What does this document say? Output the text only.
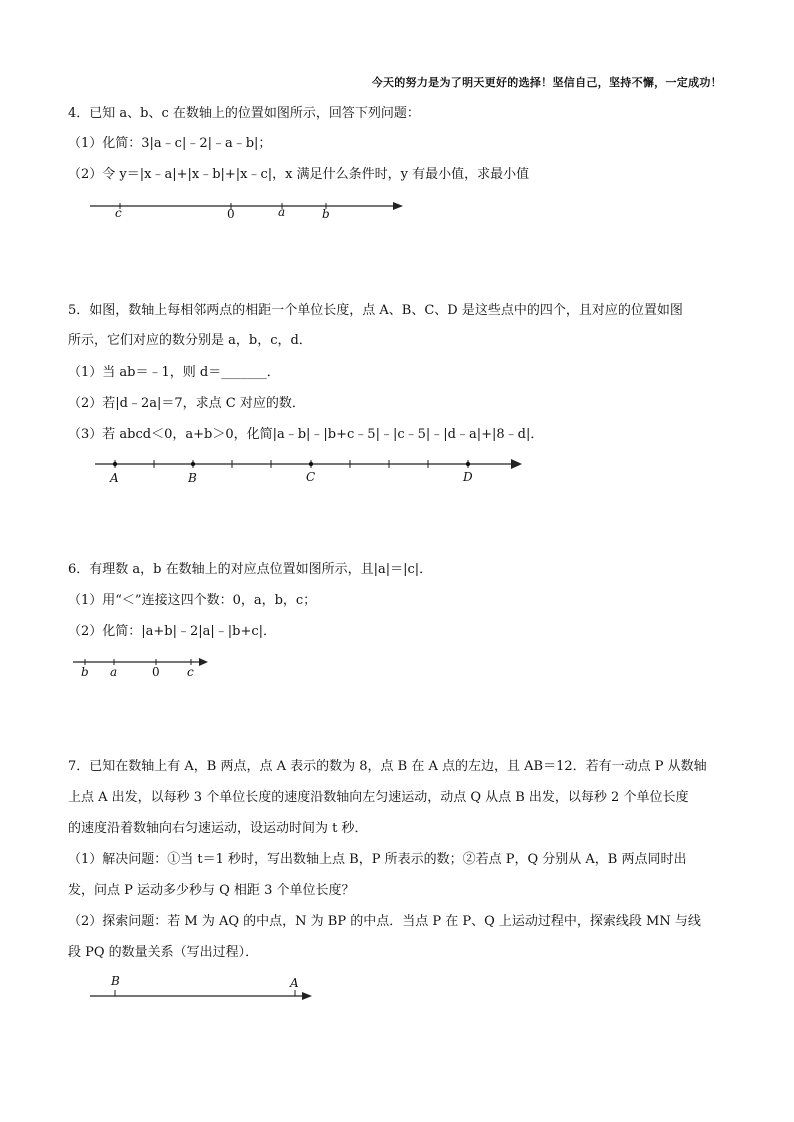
今天的努力是为了明天更好的选择！坚信自己，坚持不懈，一定成功！
4．已知 a、b、c 在数轴上的位置如图所示，回答下列问题：
（1）化简：3|a﹣c|﹣2|﹣a﹣b|；
（2）令 y＝|x﹣a|+|x﹣b|+|x﹣c|，x 满足什么条件时，y 有最小值，求最小值
c	0	a	b
5．如图，数轴上每相邻两点的相距一个单位长度，点 A、B、C、D 是这些点中的四个，且对应的位置如图
所示，它们对应的数分别是 a，b，c，d．
（1）当 ab＝﹣1，则 d＝_______．
（2）若|d﹣2a|＝7，求点 C 对应的数．
（3）若 abcd＜0，a+b＞0，化简|a﹣b|﹣|b+c﹣5|﹣|c﹣5|﹣|d﹣a|+|8﹣d|．
A	B	C	D
6．有理数 a，b 在数轴上的对应点位置如图所示，且|a|＝|c|．
（1）用“＜”连接这四个数：0，a，b，c；
（2）化简：|a+b|﹣2|a|﹣|b+c|．
b a	0 c
7．已知在数轴上有 A，B 两点，点 A 表示的数为 8，点 B 在 A 点的左边，且 AB＝12．若有一动点 P 从数轴
上点 A 出发，以每秒 3 个单位长度的速度沿数轴向左匀速运动，动点 Q 从点 B 出发，以每秒 2 个单位长度
的速度沿着数轴向右匀速运动，设运动时间为 t 秒．
（1）解决问题：①当 t＝1 秒时，写出数轴上点 B，P 所表示的数；②若点 P，Q 分别从 A，B 两点同时出
发，问点 P 运动多少秒与 Q 相距 3 个单位长度？
（2）探索问题：若 M 为 AQ 的中点，N 为 BP 的中点．当点 P 在 P、Q 上运动过程中，探索线段 MN 与线
段 PQ 的数量关系（写出过程）．
B	A
